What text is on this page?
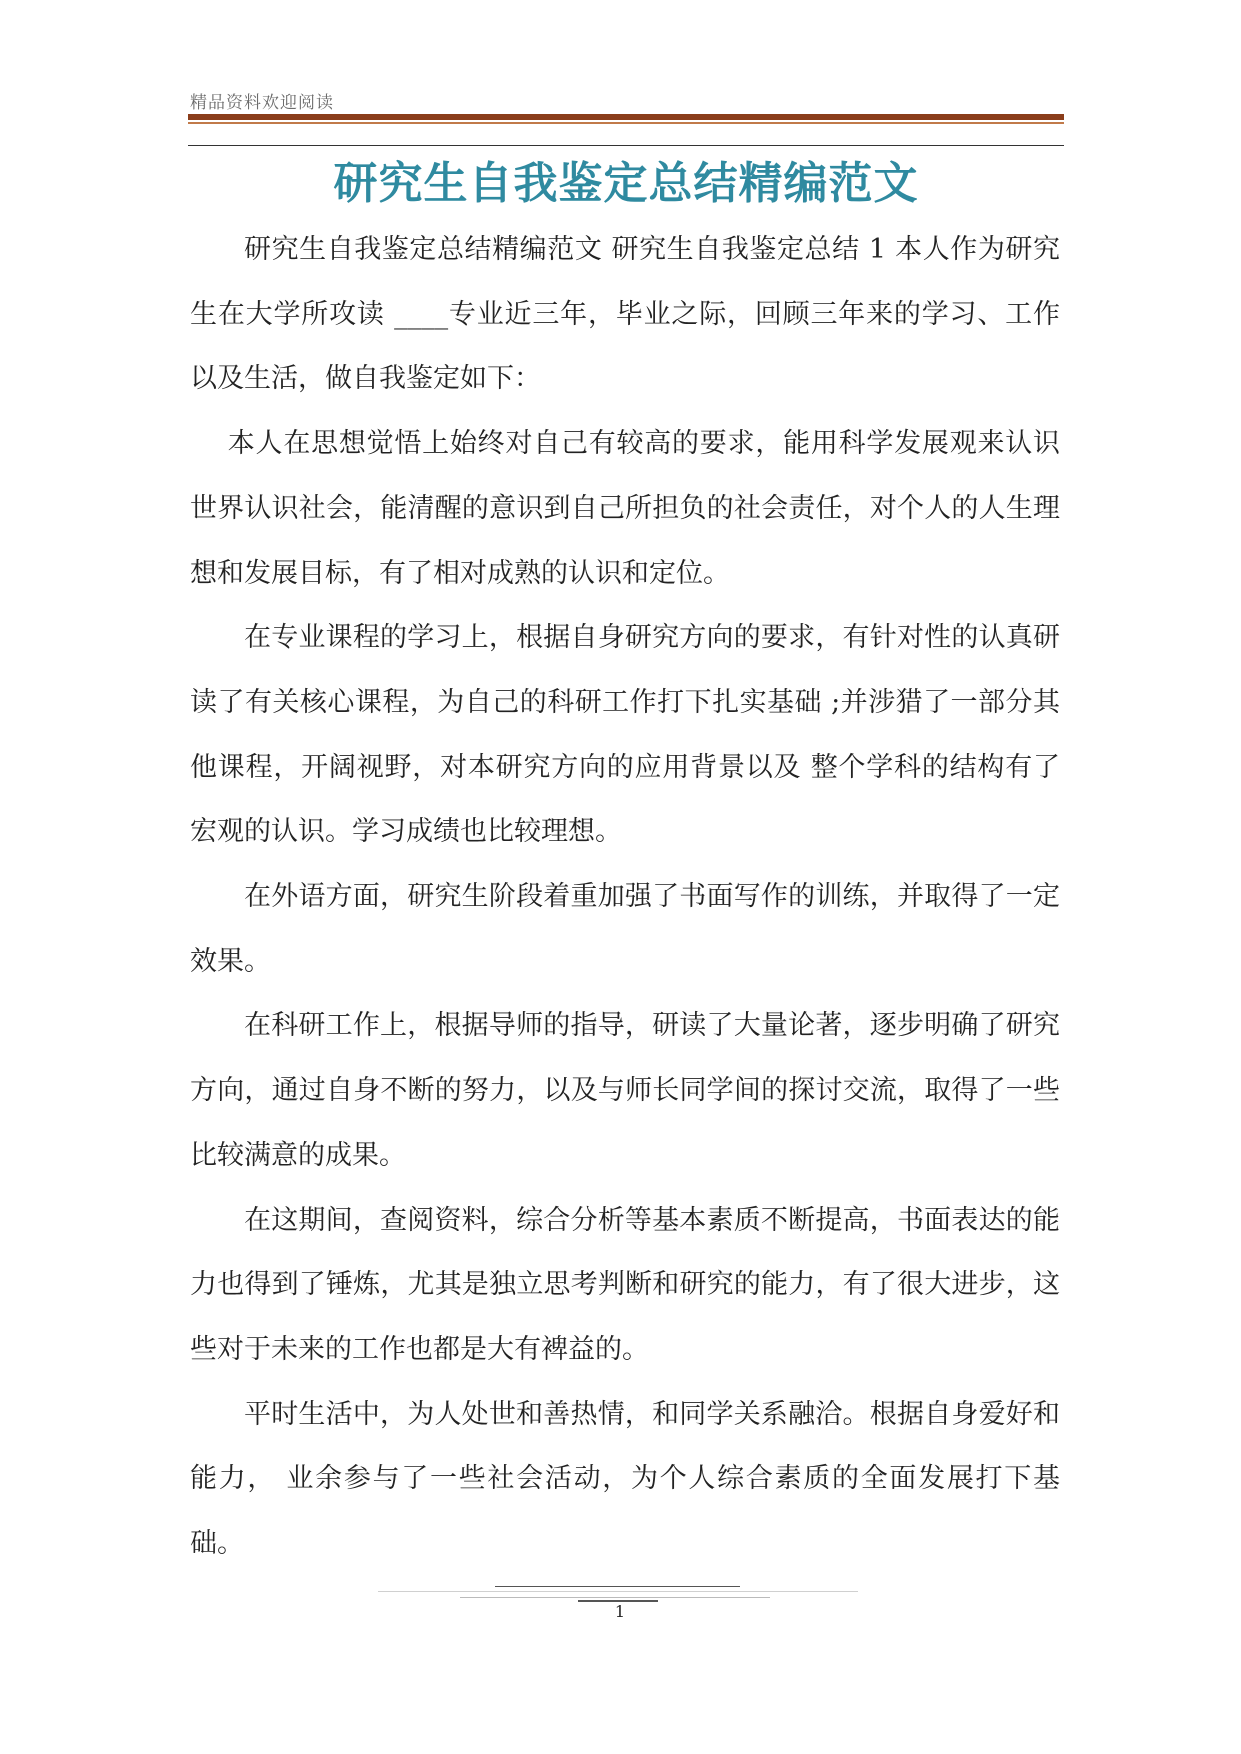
精品资料欢迎阅读
研究生自我鉴定总结精编范文

研究生自我鉴定总结精编范文 研究生自我鉴定总结 1 本人作为研究生在大学所攻读 ____专业近三年，毕业之际，回顾三年来的学习、工作以及生活，做自我鉴定如下：

本人在思想觉悟上始终对自己有较高的要求，能用科学发展观来认识世界认识社会，能清醒的意识到自己所担负的社会责任，对个人的人生理想和发展目标，有了相对成熟的认识和定位。

在专业课程的学习上，根据自身研究方向的要求，有针对性的认真研读了有关核心课程，为自己的科研工作打下扎实基础 ;并涉猎了一部分其他课程，开阔视野，对本研究方向的应用背景以及 整个学科的结构有了宏观的认识。学习成绩也比较理想。

在外语方面，研究生阶段着重加强了书面写作的训练，并取得了一定效果。

在科研工作上，根据导师的指导，研读了大量论著，逐步明确了研究方向，通过自身不断的努力，以及与师长同学间的探讨交流，取得了一些比较满意的成果。

在这期间，查阅资料，综合分析等基本素质不断提高，书面表达的能力也得到了锤炼，尤其是独立思考判断和研究的能力，有了很大进步，这些对于未来的工作也都是大有裨益的。

平时生活中，为人处世和善热情，和同学关系融洽。根据自身爱好和能力， 业余参与了一些社会活动，为个人综合素质的全面发展打下基础。

1
